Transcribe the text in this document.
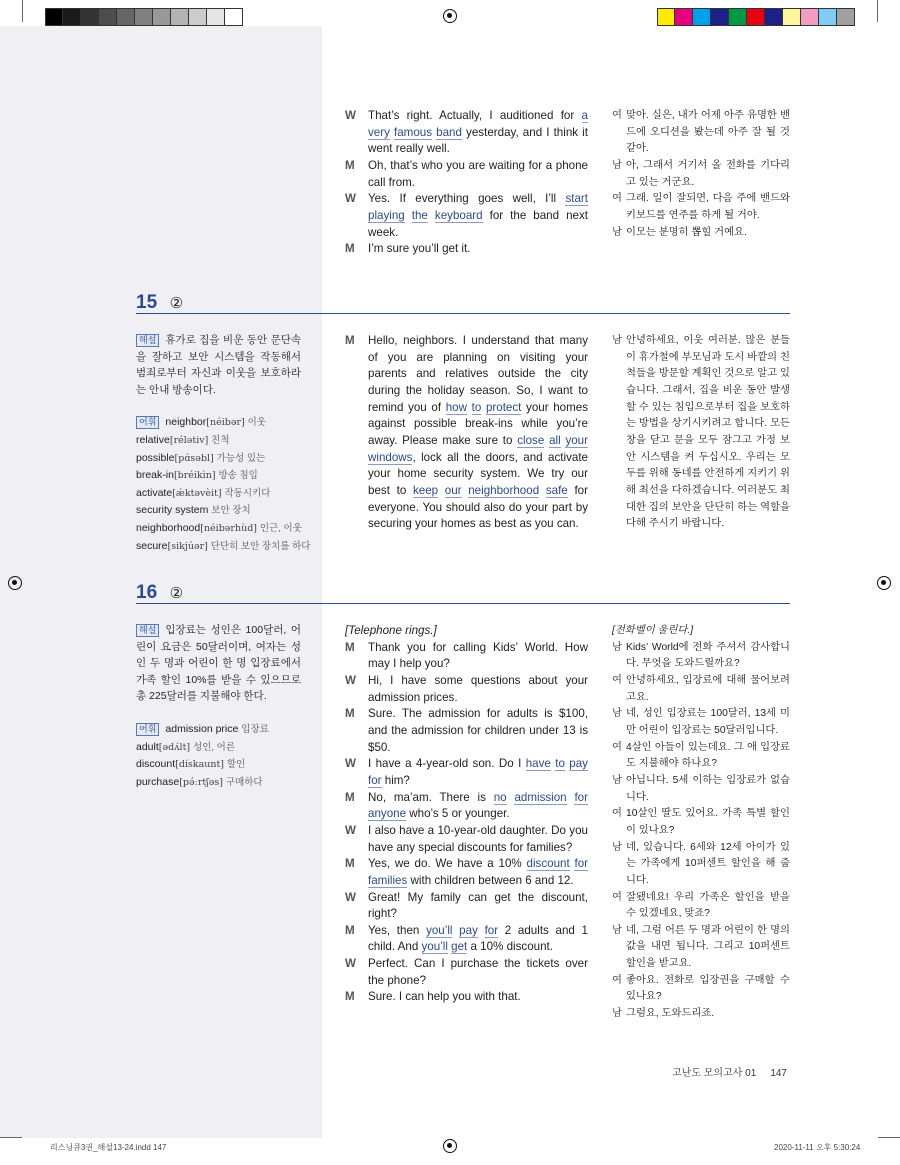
W	That’s right. Actually, I auditioned for a very famous band yesterday, and I think it went really well.
M	Oh, that’s who you are waiting for a phone call from.
W	Yes. If everything goes well, I’ll start playing the keyboard for the band next week.
M	I’m sure you’ll get it.
여 맞아. 실은, 내가 어제 아주 유명한 밴드에 오디션을 봤는데 아주 잘 될 것 같아.
남 아, 그래서 거기서 올 전화를 기다리고 있는 거군요.
여 그래. 일이 잘되면, 다음 주에 밴드와 키보드를 연주를 하게 될 거야.
남 이모는 분명히 뽑힐 거예요.
15 ②
해설 휴가로 집을 비운 동안 문단속을 잘하고 보안 시스템을 작동해서 범죄로부터 자신과 이웃을 보호하라는 안내 방송이다.
어휘 neighbor[néibər] 이웃
relative[rélətiv] 친척
possible[pɑ́səbl] 가능성 있는
break-in[bréikìn] 방송 침입
activate[ǽktəvèit] 작동시키다
security system 보안 장치
neighborhood[néibərhùd] 인근, 이웃
secure[sikjúər] 단단히 보안 장치를 하다
M	Hello, neighbors. I understand that many of you are planning on visiting your parents and relatives outside the city during the holiday season. So, I want to remind you of how to protect your homes against possible break-ins while you’re away. Please make sure to close all your windows, lock all the doors, and activate your home security system. We try our best to keep our neighborhood safe for everyone. You should also do your part by securing your homes as best as you can.
남 안녕하세요, 이웃 여러분. 많은 분들이 휴가철에 부모님과 도시 바깥의 친척들을 방문할 계획인 것으로 알고 있습니다. 그래서, 집을 비운 동안 발생할 수 있는 침입으로부터 집을 보호하는 방법을 상기시키려고 합니다. 모든 창을 닫고 문을 모두 잠그고 가정 보안 시스템을 켜 두십시오. 우리는 모두를 위해 동네를 안전하게 지키기 위해 최선을 다하겠습니다. 여러분도 최대한 집의 보안을 단단히 하는 역할을 다해 주시기 바랍니다.
16 ②
해설 입장료는 성인은 100달러, 어린이 요금은 50달러이며, 여자는 성인 두 명과 어린이 한 명 입장료에서 가족 할인 10%를 받을 수 있으므로 총 225달러를 지불해야 한다.
어휘 admission price 입장료
adult[ədʌ́lt] 성인, 어른
discount[dískaunt] 할인
purchase[pə́ːrtʃəs] 구매하다
[Telephone rings.]
M	Thank you for calling Kids’ World. How may I help you?
W	Hi, I have some questions about your admission prices.
M	Sure. The admission for adults is $100, and the admission for children under 13 is $50.
W	I have a 4-year-old son. Do I have to pay for him?
M	No, ma’am. There is no admission for anyone who’s 5 or younger.
W	I also have a 10-year-old daughter. Do you have any special discounts for families?
M	Yes, we do. We have a 10% discount for families with children between 6 and 12.
W	Great! My family can get the discount, right?
M	Yes, then you’ll pay for 2 adults and 1 child. And you’ll get a 10% discount.
W	Perfect. Can I purchase the tickets over the phone?
M	Sure. I can help you with that.
[전화벨이 울린다.]
남 Kids’ World에 전화 주셔서 감사합니다. 무엇을 도와드릴까요?
여 안녕하세요, 입장료에 대해 물어보려고요.
남 네, 성인 입장료는 100달러, 13세 미만 어린이 입장료는 50달러입니다.
여 4살인 아들이 있는데요. 그 애 입장료도 지불해야 하나요?
남 아닙니다. 5세 이하는 입장료가 없습니다.
여 10살인 딸도 있어요. 가족 특별 할인이 있나요?
남 네, 있습니다. 6세와 12세 아이가 있는 가족에게 10퍼센트 할인을 해 줍니다.
여 잘됐네요! 우리 가족은 할인을 받을 수 있겠네요, 맞죠?
남 네, 그럼 어른 두 명과 어린이 한 명의 값을 내면 됩니다. 그리고 10퍼센트 할인을 받고요.
여 좋아요. 전화로 입장권을 구매할 수 있나요?
남 그럼요, 도와드리죠.
고난도 모의고사 01 147
리스닝큐3권_해설13-24.indd 147	2020-11-11 오후 5:30:24
